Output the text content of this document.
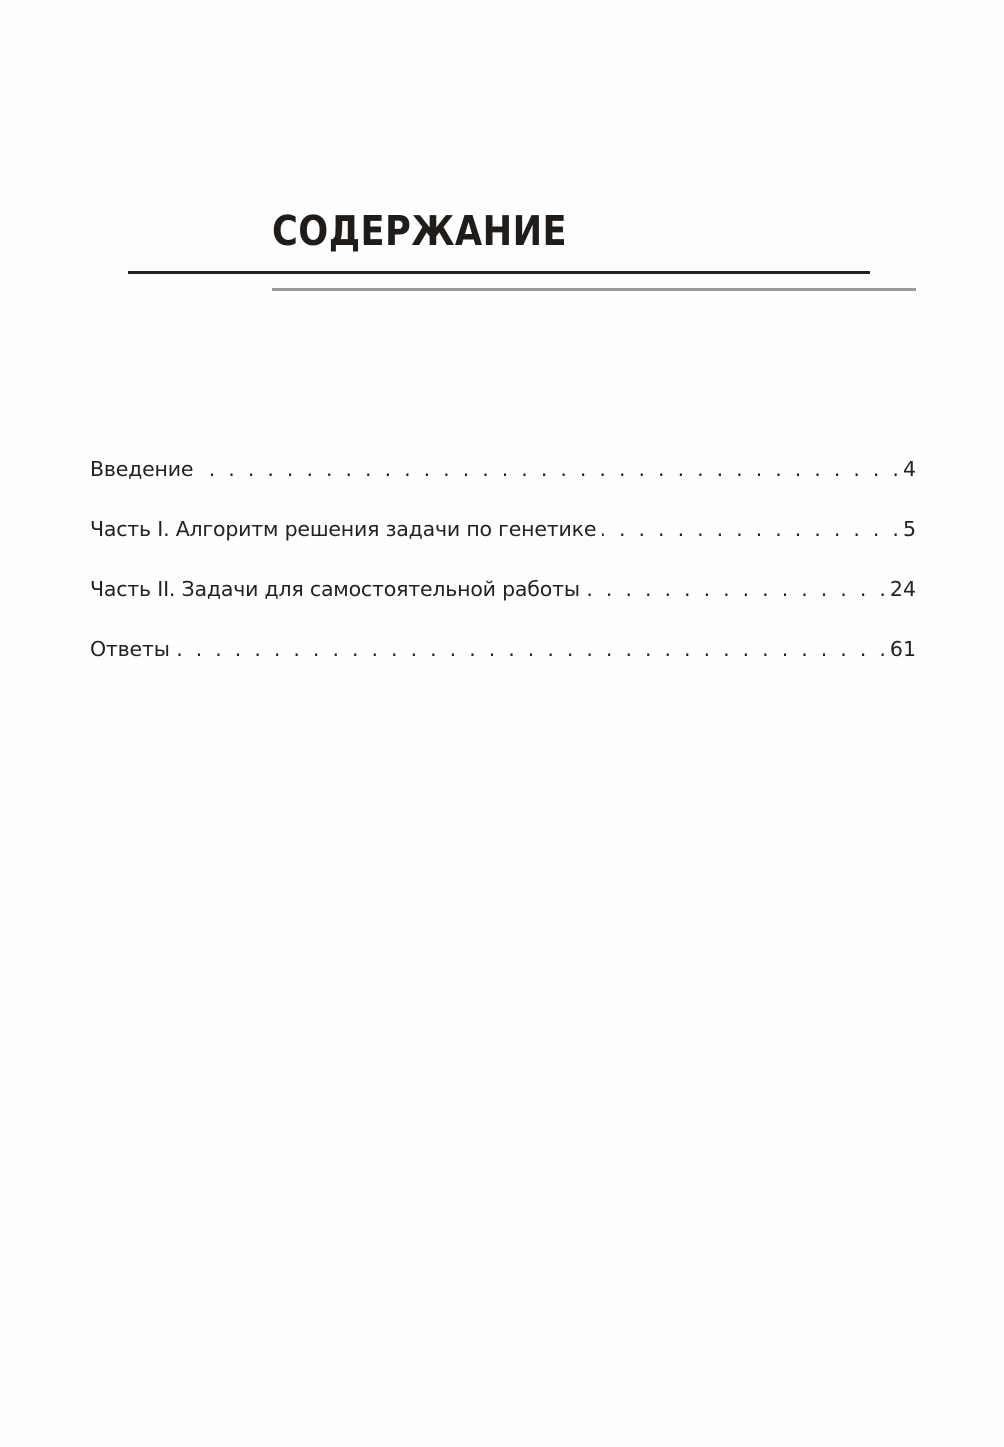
СОДЕРЖАНИЕ
Введение . . .	4
Часть I. Алгоритм решения задачи по генетике . . .	5
Часть II. Задачи для самостоятельной работы . . .	24
Ответы . . .	61
